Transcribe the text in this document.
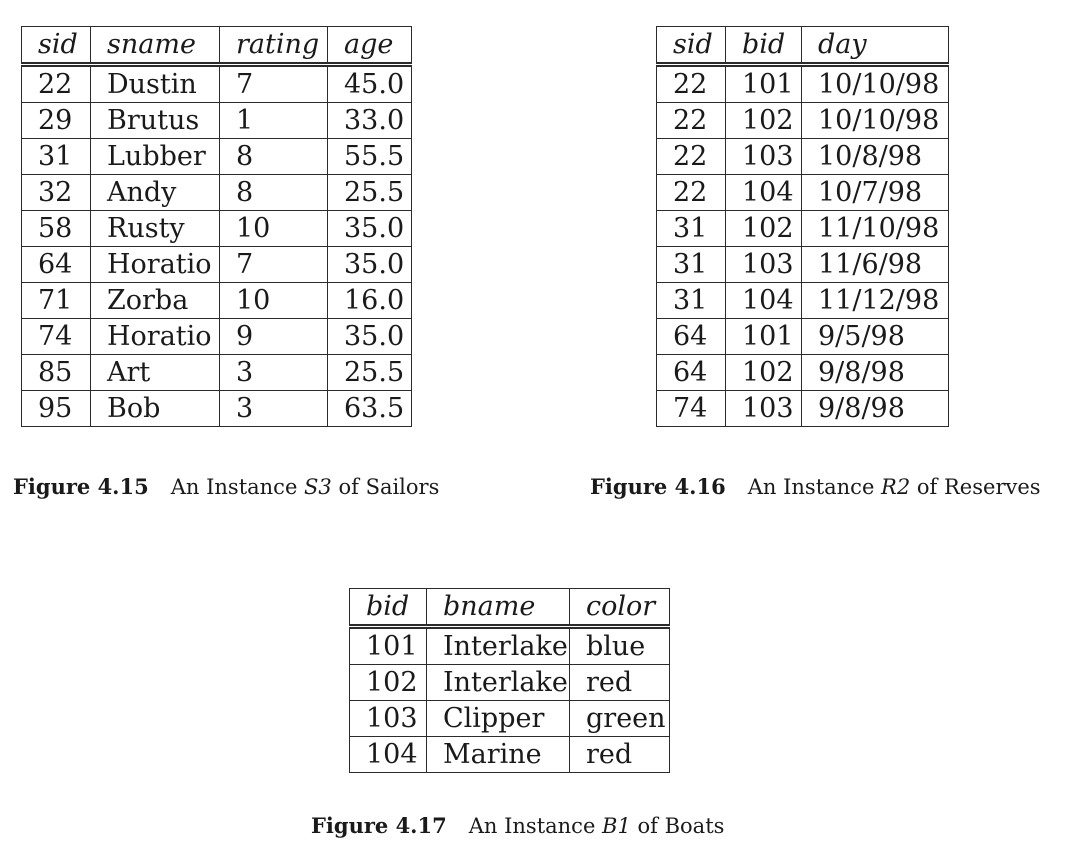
sid	sname	rating	age
22	Dustin	7	45.0
29	Brutus	1	33.0
31	Lubber	8	55.5
32	Andy	8	25.5
58	Rusty	10	35.0
64	Horatio	7	35.0
71	Zorba	10	16.0
74	Horatio	9	35.0
85	Art	3	25.5
95	Bob	3	63.5
Figure 4.15 An Instance S3 of Sailors
sid	bid	day
22	101	10/10/98
22	102	10/10/98
22	103	10/8/98
22	104	10/7/98
31	102	11/10/98
31	103	11/6/98
31	104	11/12/98
64	101	9/5/98
64	102	9/8/98
74	103	9/8/98
Figure 4.16 An Instance R2 of Reserves
bid	bname	color
101	Interlake	blue
102	Interlake	red
103	Clipper	green
104	Marine	red
Figure 4.17 An Instance B1 of Boats
